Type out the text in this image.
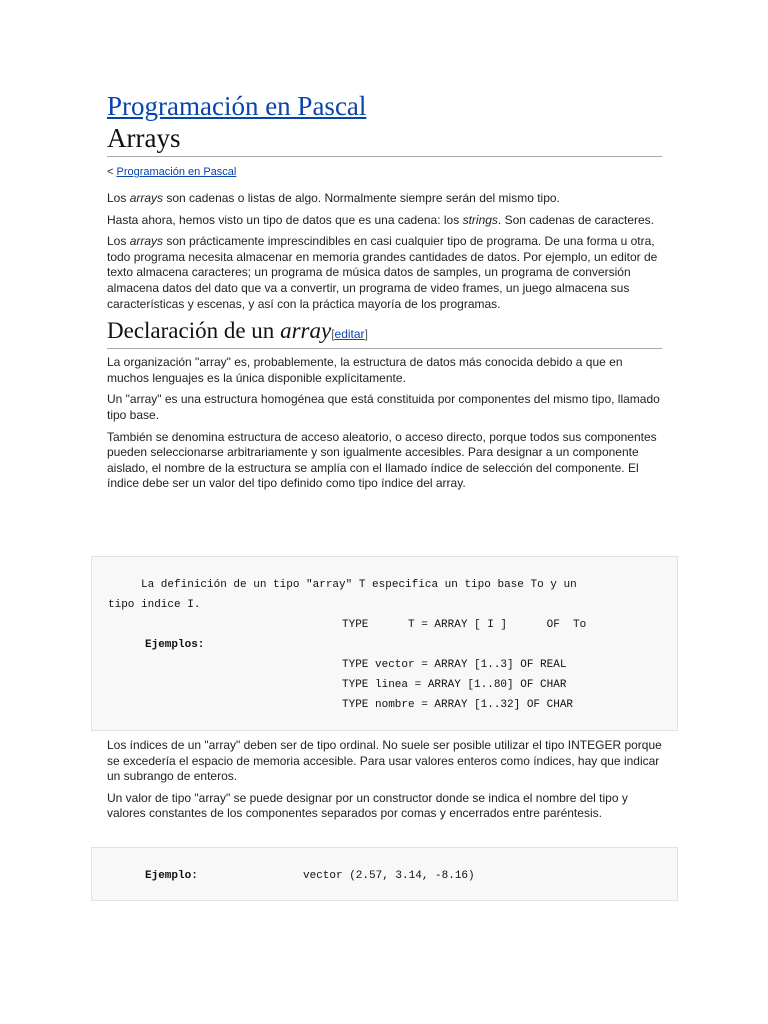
Programación en Pascal
Arrays
< Programación en Pascal

Los arrays son cadenas o listas de algo. Normalmente siempre serán del mismo tipo.

Hasta ahora, hemos visto un tipo de datos que es una cadena: los strings. Son cadenas de caracteres.

Los arrays son prácticamente imprescindibles en casi cualquier tipo de programa. De una forma u otra, todo programa necesita almacenar en memoria grandes cantidades de datos. Por ejemplo, un editor de texto almacena caracteres; un programa de música datos de samples, un programa de conversión almacena datos del dato que va a convertir, un programa de video frames, un juego almacena sus características y escenas, y así con la práctica mayoría de los programas.

Declaración de un array[editar]

La organización "array" es, probablemente, la estructura de datos más conocida debido a que en muchos lenguajes es la única disponible explícitamente.

Un "array" es una estructura homogénea que está constituida por componentes del mismo tipo, llamado tipo base.

También se denomina estructura de acceso aleatorio, o acceso directo, porque todos sus componentes pueden seleccionarse arbitrariamente y son igualmente accesibles. Para designar a un componente aislado, el nombre de la estructura se amplía con el llamado índice de selección del componente. El índice debe ser un valor del tipo definido como tipo índice del array.

La definición de un tipo "array" T especifica un tipo base To y un
tipo indice I.
TYPE      T = ARRAY [ I ]      OF  To
Ejemplos:
TYPE vector = ARRAY [1..3] OF REAL
TYPE linea = ARRAY [1..80] OF CHAR
TYPE nombre = ARRAY [1..32] OF CHAR

Los índices de un "array" deben ser de tipo ordinal. No suele ser posible utilizar el tipo INTEGER porque se excedería el espacio de memoria accesible. Para usar valores enteros como índices, hay que indicar un subrango de enteros.

Un valor de tipo "array" se puede designar por un constructor donde se indica el nombre del tipo y valores constantes de los componentes separados por comas y encerrados entre paréntesis.

Ejemplo:	vector (2.57, 3.14, -8.16)
